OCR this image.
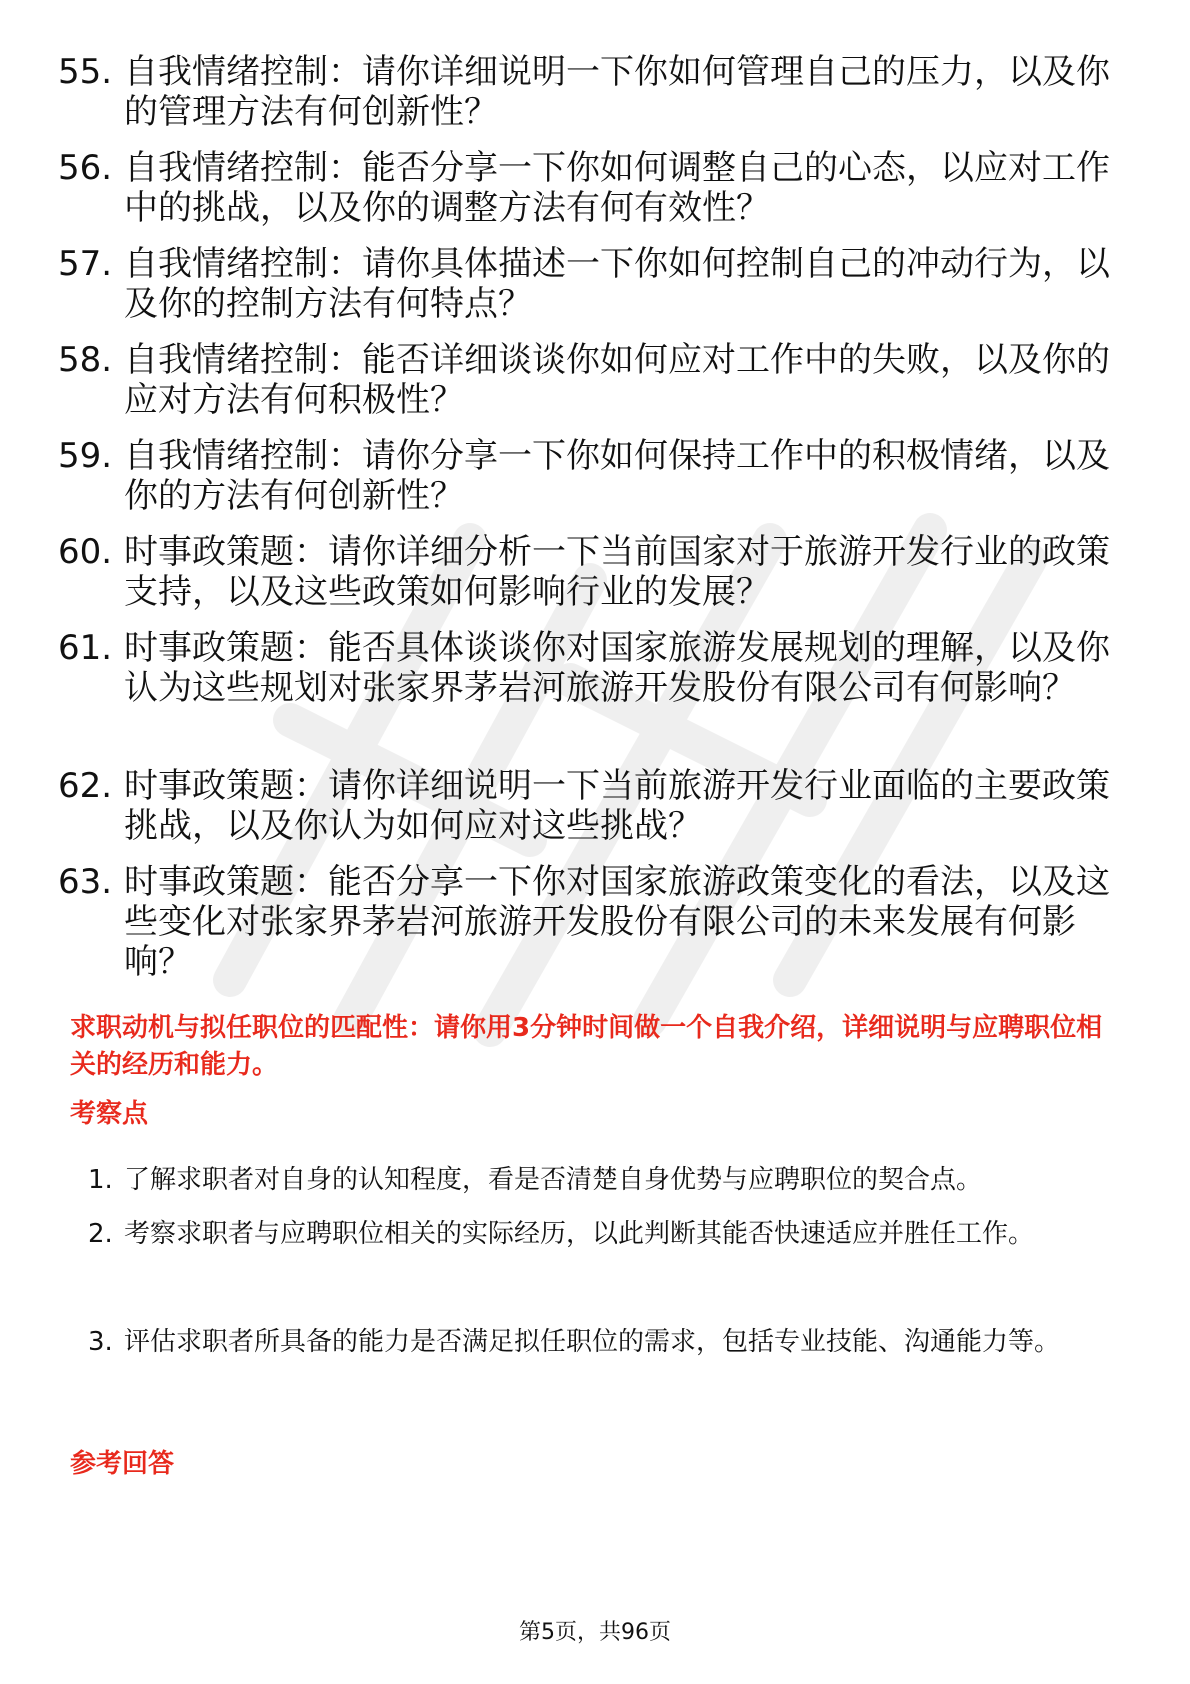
55. 自我情绪控制：请你详细说明一下你如何管理自己的压力，以及你的管理方法有何创新性？
56. 自我情绪控制：能否分享一下你如何调整自己的心态，以应对工作中的挑战，以及你的调整方法有何有效性？
57. 自我情绪控制：请你具体描述一下你如何控制自己的冲动行为，以及你的控制方法有何特点？
58. 自我情绪控制：能否详细谈谈你如何应对工作中的失败，以及你的应对方法有何积极性？
59. 自我情绪控制：请你分享一下你如何保持工作中的积极情绪，以及你的方法有何创新性？
60. 时事政策题：请你详细分析一下当前国家对于旅游开发行业的政策支持，以及这些政策如何影响行业的发展？
61. 时事政策题：能否具体谈谈你对国家旅游发展规划的理解，以及你认为这些规划对张家界茅岩河旅游开发股份有限公司有何影响？
62. 时事政策题：请你详细说明一下当前旅游开发行业面临的主要政策挑战，以及你认为如何应对这些挑战？
63. 时事政策题：能否分享一下你对国家旅游政策变化的看法，以及这些变化对张家界茅岩河旅游开发股份有限公司的未来发展有何影响？
求职动机与拟任职位的匹配性：请你用3分钟时间做一个自我介绍，详细说明与应聘职位相关的经历和能力。
考察点
1. 了解求职者对自身的认知程度，看是否清楚自身优势与应聘职位的契合点。
2. 考察求职者与应聘职位相关的实际经历，以此判断其能否快速适应并胜任工作。
3. 评估求职者所具备的能力是否满足拟任职位的需求，包括专业技能、沟通能力等。
参考回答
第5页，共96页
